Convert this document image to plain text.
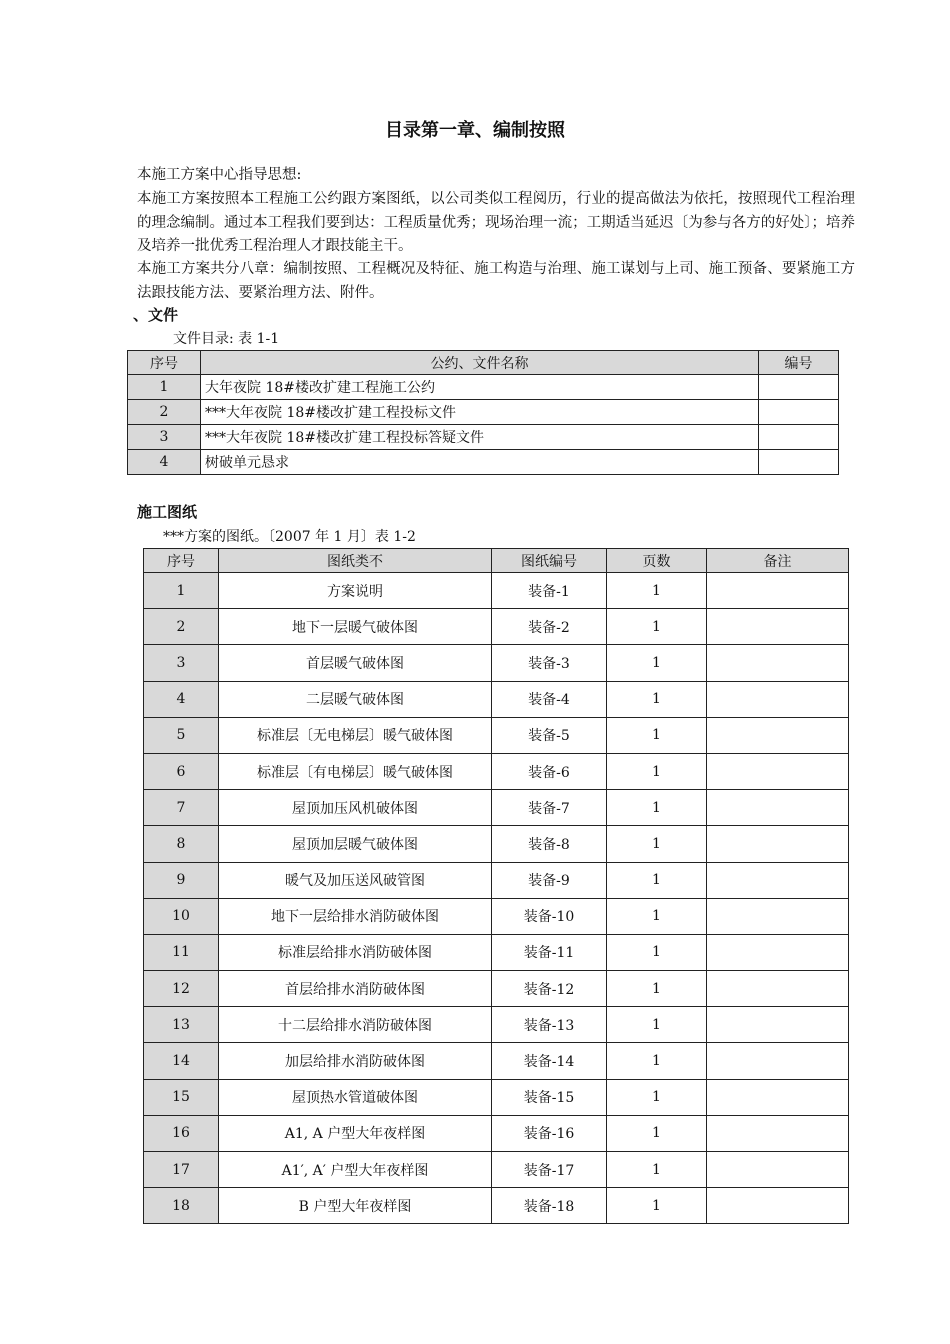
目录第一章、编制按照
本施工方案中心指导思想:
本施工方案按照本工程施工公约跟方案图纸，以公司类似工程阅历，行业的提高做法为依托，按照现代工程治理的理念编制。通过本工程我们要到达：工程质量优秀；现场治理一流；工期适当延迟〔为参与各方的好处〕；培养及培养一批优秀工程治理人才跟技能主干。
本施工方案共分八章：编制按照、工程概况及特征、施工构造与治理、施工谋划与上司、施工预备、要紧施工方法跟技能方法、要紧治理方法、附件。
、文件
文件目录: 表 1-1
序号	公约、文件名称	编号
1	大年夜院 18#楼改扩建工程施工公约	
2	***大年夜院 18#楼改扩建工程投标文件	
3	***大年夜院 18#楼改扩建工程投标答疑文件	
4	树破单元恳求	
施工图纸
***方案的图纸。〔2007 年 1 月〕表 1-2
序号	图纸类不	图纸编号	页数	备注
1	方案说明	装备-1	1	
2	地下一层暖气破体图	装备-2	1	
3	首层暖气破体图	装备-3	1	
4	二层暖气破体图	装备-4	1	
5	标准层〔无电梯层〕暖气破体图	装备-5	1	
6	标准层〔有电梯层〕暖气破体图	装备-6	1	
7	屋顶加压风机破体图	装备-7	1	
8	屋顶加层暖气破体图	装备-8	1	
9	暖气及加压送风破管图	装备-9	1	
10	地下一层给排水消防破体图	装备-10	1	
11	标准层给排水消防破体图	装备-11	1	
12	首层给排水消防破体图	装备-12	1	
13	十二层给排水消防破体图	装备-13	1	
14	加层给排水消防破体图	装备-14	1	
15	屋顶热水管道破体图	装备-15	1	
16	A1, A 户型大年夜样图	装备-16	1	
17	A1′, A′ 户型大年夜样图	装备-17	1	
18	B 户型大年夜样图	装备-18	1	
